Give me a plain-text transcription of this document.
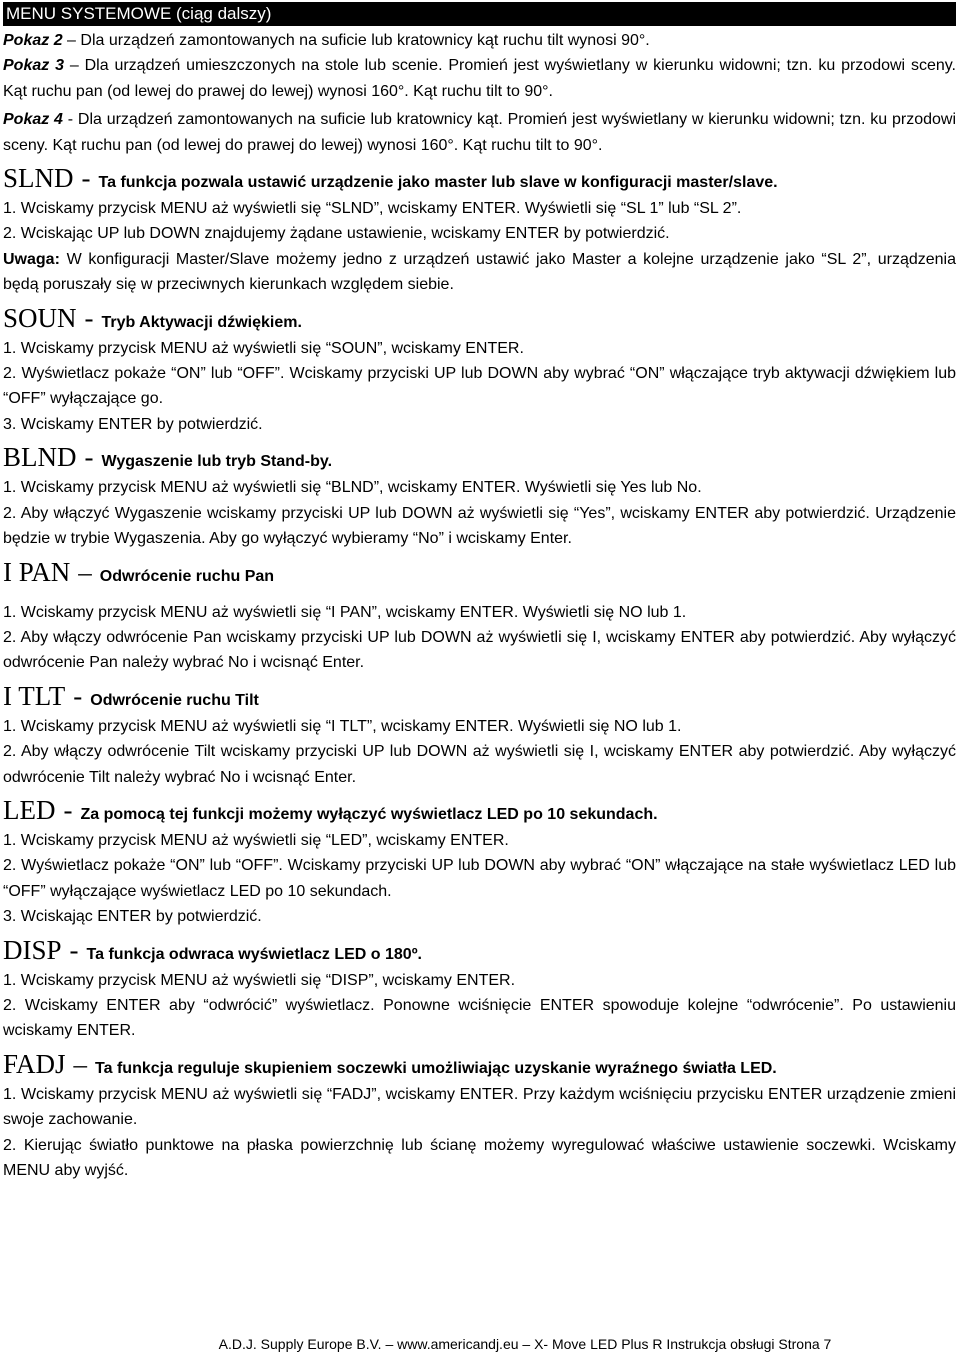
MENU SYSTEMOWE (ciąg dalszy)

Pokaz 2 – Dla urządzeń zamontowanych na suficie lub kratownicy kąt ruchu tilt wynosi 90°.

Pokaz 3 – Dla urządzeń umieszczonych na stole lub scenie. Promień jest wyświetlany w kierunku widowni; tzn. ku przodowi sceny. Kąt ruchu pan (od lewej do prawej do lewej) wynosi 160°. Kąt ruchu tilt to 90°.

Pokaz 4 - Dla urządzeń zamontowanych na suficie lub kratownicy kąt. Promień jest wyświetlany w kierunku widowni; tzn. ku przodowi sceny. Kąt ruchu pan (od lewej do prawej do lewej) wynosi 160°. Kąt ruchu tilt to 90°.

SLND - Ta funkcja pozwala ustawić urządzenie jako master lub slave w konfiguracji master/slave.

1. Wciskamy przycisk MENU aż wyświetli się “SLND”, wciskamy ENTER. Wyświetli się “SL 1” lub “SL 2”.

2. Wciskając UP lub DOWN znajdujemy żądane ustawienie, wciskamy ENTER by potwierdzić.

Uwaga: W konfiguracji Master/Slave możemy jedno z urządzeń ustawić jako Master a kolejne urządzenie jako “SL 2”, urządzenia będą poruszały się w przeciwnych kierunkach względem siebie.

SOUN - Tryb Aktywacji dźwiękiem.

1. Wciskamy przycisk MENU aż wyświetli się “SOUN”, wciskamy ENTER.

2. Wyświetlacz pokaże “ON” lub “OFF”. Wciskamy przyciski UP lub DOWN aby wybrać “ON” włączające tryb aktywacji dźwiękiem lub “OFF” wyłączające go.

3. Wciskamy ENTER by potwierdzić.

BLND - Wygaszenie lub tryb Stand-by.

1. Wciskamy przycisk MENU aż wyświetli się “BLND”, wciskamy ENTER. Wyświetli się Yes lub No.

2. Aby włączyć Wygaszenie wciskamy przyciski UP lub DOWN aż wyświetli się “Yes”, wciskamy ENTER aby potwierdzić. Urządzenie będzie w trybie Wygaszenia. Aby go wyłączyć wybieramy “No” i wciskamy Enter.

I PAN – Odwrócenie ruchu Pan

1. Wciskamy przycisk MENU aż wyświetli się “I PAN”, wciskamy ENTER. Wyświetli się NO lub 1.

2. Aby włączy odwrócenie Pan wciskamy przyciski UP lub DOWN aż wyświetli się I, wciskamy ENTER aby potwierdzić. Aby wyłączyć odwrócenie Pan należy wybrać No i wcisnąć Enter.

I TLT - Odwrócenie ruchu Tilt

1. Wciskamy przycisk MENU aż wyświetli się “I TLT”, wciskamy ENTER. Wyświetli się NO lub 1.

2. Aby włączy odwrócenie Tilt wciskamy przyciski UP lub DOWN aż wyświetli się I, wciskamy ENTER aby potwierdzić. Aby wyłączyć odwrócenie Tilt należy wybrać No i wcisnąć Enter.

LED - Za pomocą tej funkcji możemy wyłączyć wyświetlacz LED po 10 sekundach.

1. Wciskamy przycisk MENU aż wyświetli się “LED”, wciskamy ENTER.

2. Wyświetlacz pokaże “ON” lub “OFF”. Wciskamy przyciski UP lub DOWN aby wybrać “ON” włączające na stałe wyświetlacz LED lub “OFF” wyłączające wyświetlacz LED po 10 sekundach.

3. Wciskając ENTER by potwierdzić.

DISP - Ta funkcja odwraca wyświetlacz LED o 180º.

1. Wciskamy przycisk MENU aż wyświetli się “DISP”, wciskamy ENTER.

2. Wciskamy ENTER aby “odwrócić” wyświetlacz. Ponowne wciśnięcie ENTER spowoduje kolejne “odwrócenie”. Po ustawieniu wciskamy ENTER.

FADJ – Ta funkcja reguluje skupieniem soczewki umożliwiając uzyskanie wyraźnego światła LED.

1. Wciskamy przycisk MENU aż wyświetli się “FADJ”, wciskamy ENTER. Przy każdym wciśnięciu przycisku ENTER urządzenie zmieni swoje zachowanie.

2. Kierując światło punktowe na płaska powierzchnię lub ścianę możemy wyregulować właściwe ustawienie soczewki. Wciskamy MENU aby wyjść.

A.D.J. Supply Europe B.V. – www.americandj.eu – X- Move LED Plus R Instrukcja obsługi Strona 7
